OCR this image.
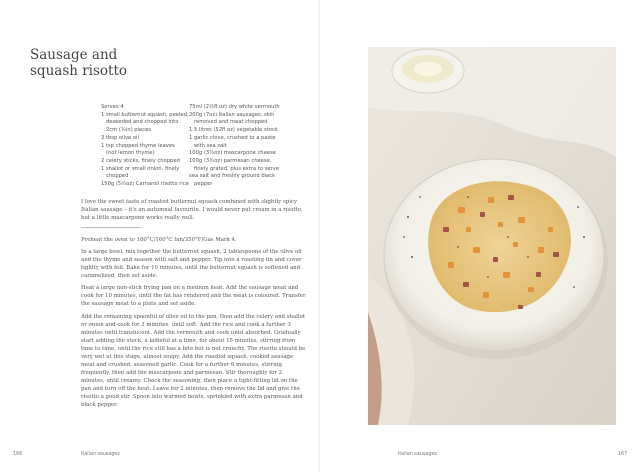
Sausage and
squash risotto
Serves 4
1 small butternut squash, peeled,
deseeded and chopped into
2cm (¾in) pieces
3 tbsp olive oil
1 tsp chopped thyme leaves
(not lemon thyme)
2 celery sticks, finely chopped
1 shallot or small onion, finely
chopped
150g (5½oz) Carnaroli risotto rice
75ml (2½fl oz) dry white vermouth
200g (7oz) Italian sausages, skin
removed and meat chopped
1.5 litres (52fl oz) vegetable stock
1 garlic clove, crushed to a paste
with sea salt
100g (3½oz) mascarpone cheese
100g (3½oz) parmesan cheese,
finely grated, plus extra to serve
sea salt and freshly ground black
pepper

I love the sweet taste of roasted butternut squash combined with slightly spicy Italian sausage – it's an autumnal favourite. I would never put cream in a risotto, but a little mascarpone works really well.

Preheat the oven to 180°C/160°C fan/350°F/Gas Mark 4.

In a large bowl, mix together the butternut squash, 2 tablespoons of the olive oil and the thyme and season with salt and pepper. Tip into a roasting tin and cover tightly with foil. Bake for 10 minutes, until the butternut squash is softened and caramelized, then set aside.

Heat a large non-stick frying pan on a medium heat. Add the sausage meat and cook for 10 minutes, until the fat has rendered and the meat is coloured. Transfer the sausage meat to a plate and set aside.

Add the remaining spoonful of olive oil to the pan, then add the celery and shallot or onion and cook for 3 minutes, until soft. Add the rice and cook a further 3 minutes until translucent. Add the vermouth and cook until absorbed. Gradually start adding the stock, a ladleful at a time, for about 15 minutes, stirring from time to time, until the rice still has a bite but is not crunchy. The risotto should be very wet at this stage, almost soupy. Add the roasted squash, cooked sausage meat and crushed, seasoned garlic. Cook for a further 6 minutes, stirring frequently, then add the mascarpone and parmesan. Stir thoroughly for 2 minutes, until creamy. Check the seasoning, then place a tight-fitting lid on the pan and turn off the heat. Leave for 2 minutes, then remove the lid and give the risotto a good stir. Spoon into warmed bowls, sprinkled with extra parmesan and black pepper.

166	Italian sausages	Italian sausages	167
